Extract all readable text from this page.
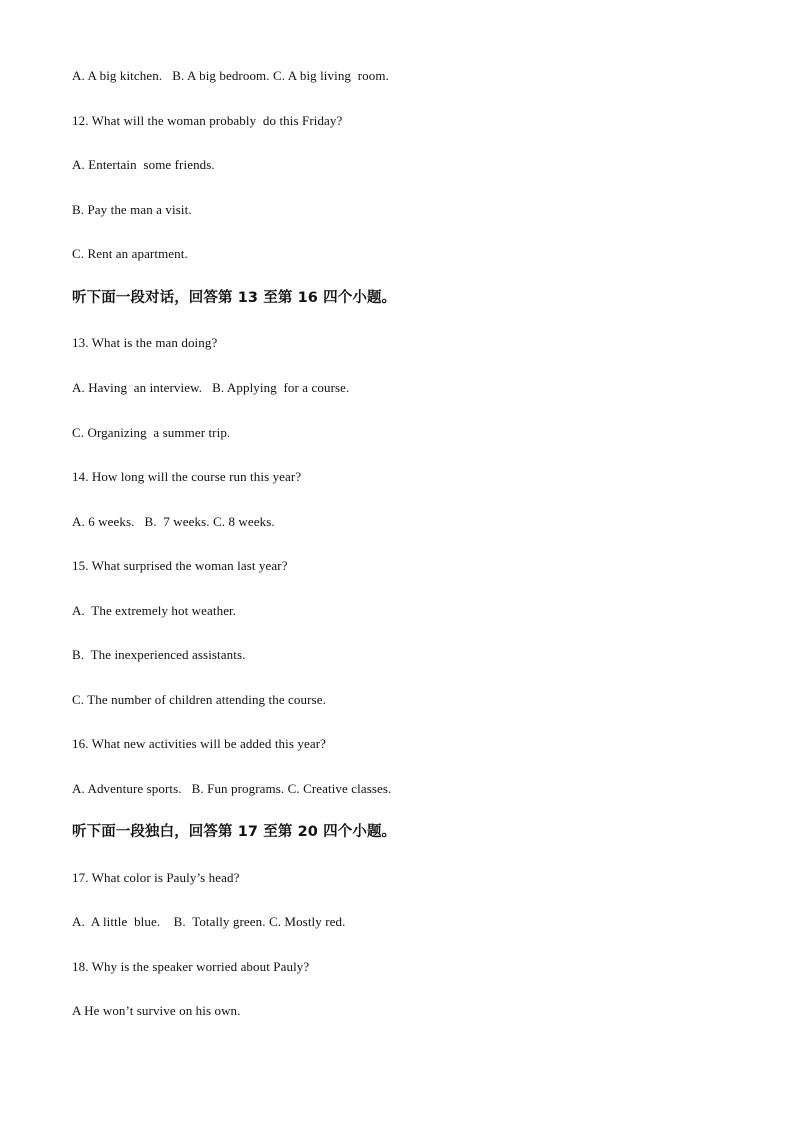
A. A big kitchen.   B. A big bedroom. C. A big living  room.
12. What will the woman probably  do this Friday?
A. Entertain  some friends.
B. Pay the man a visit.
C. Rent an apartment.
听下面一段对话，回答第 13 至第 16 四个小题。
13. What is the man doing?
A. Having  an interview.   B. Applying  for a course.
C. Organizing  a summer trip.
14. How long will the course run this year?
A. 6 weeks.   B.  7 weeks. C. 8 weeks.
15. What surprised the woman last year?
A.  The extremely hot weather.
B.  The inexperienced assistants.
C. The number of children attending the course.
16. What new activities will be added this year?
A. Adventure sports.   B. Fun programs. C. Creative classes.
听下面一段独白，回答第 17 至第 20 四个小题。
17. What color is Pauly’s head?
A.  A little  blue.    B.  Totally green. C. Mostly red.
18. Why is the speaker worried about Pauly?
A He won’t survive on his own.
